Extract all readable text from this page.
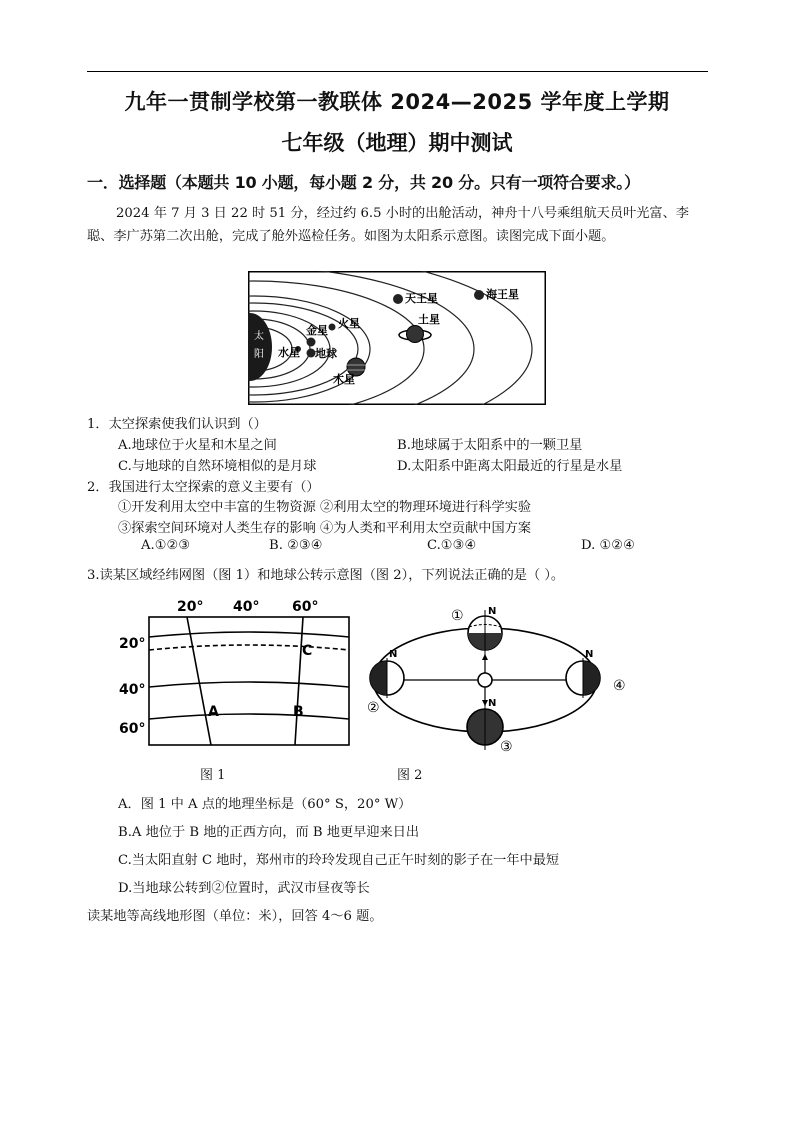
九年一贯制学校第一教联体 2024—2025 学年度上学期
七年级（地理）期中测试
一．选择题（本题共 10 小题，每小题 2 分，共 20 分。只有一项符合要求。）
2024 年 7 月 3 日 22 时 51 分，经过约 6.5 小时的出舱活动，神舟十八号乘组航天员叶光富、李聪、李广苏第二次出舱，完成了舱外巡检任务。如图为太阳系示意图。读图完成下面小题。
太
阳 水星
金星
地球
火星
木星
土星
天王星	海王星
1．太空探索使我们认识到（）
A.地球位于火星和木星之间	B.地球属于太阳系中的一颗卫星
C.与地球的自然环境相似的是月球	D.太阳系中距离太阳最近的行星是水星
2．我国进行太空探索的意义主要有（）
①开发利用太空中丰富的生物资源 ②利用太空的物理环境进行科学实验
③探索空间环境对人类生存的影响 ④为人类和平利用太空贡献中国方案
A.①②③	B. ②③④	C.①③④	D. ①②④
3.读某区域经纬网图（图 1）和地球公转示意图（图 2），下列说法正确的是（ ）。
20° 40° 60°
20°
40°
60°
A	B
C
N
①
N
②	N
③
N
④
图 1	图 2
A．图 1 中 A 点的地理坐标是（60° S，20° W）
B.A 地位于 B 地的正西方向，而 B 地更早迎来日出
C.当太阳直射 C 地时，郑州市的玲玲发现自己正午时刻的影子在一年中最短
D.当地球公转到②位置时，武汉市昼夜等长
读某地等高线地形图（单位：米），回答 4～6 题。
